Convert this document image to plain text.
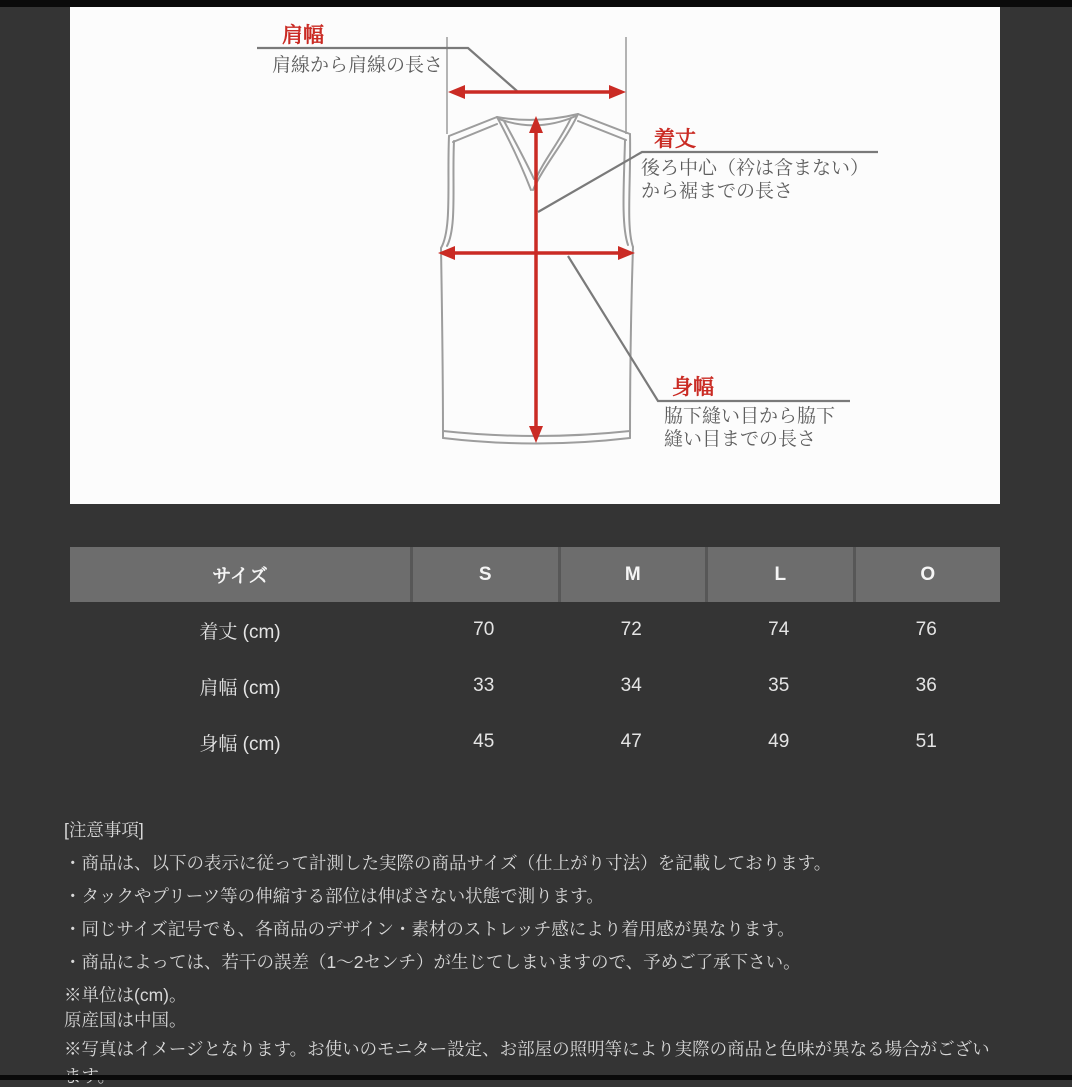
肩幅
肩線から肩線の長さ
着丈
後ろ中心（衿は含まない）
から裾までの長さ
身幅
脇下縫い目から脇下
縫い目までの長さ
サイズ	S	M	L	O
着丈 (cm)	70	72	74	76
肩幅 (cm)	33	34	35	36
身幅 (cm)	45	47	49	51
[注意事項]
・商品は、以下の表示に従って計測した実際の商品サイズ（仕上がり寸法）を記載しております。
・タックやプリーツ等の伸縮する部位は伸ばさない状態で測ります。
・同じサイズ記号でも、各商品のデザイン・素材のストレッチ感により着用感が異なります。
・商品によっては、若干の誤差（1〜2センチ）が生じてしまいますので、予めご了承下さい。
※単位は(cm)。
原産国は中国。
※写真はイメージとなります。お使いのモニター設定、お部屋の照明等により実際の商品と色味が異なる場合がござい
